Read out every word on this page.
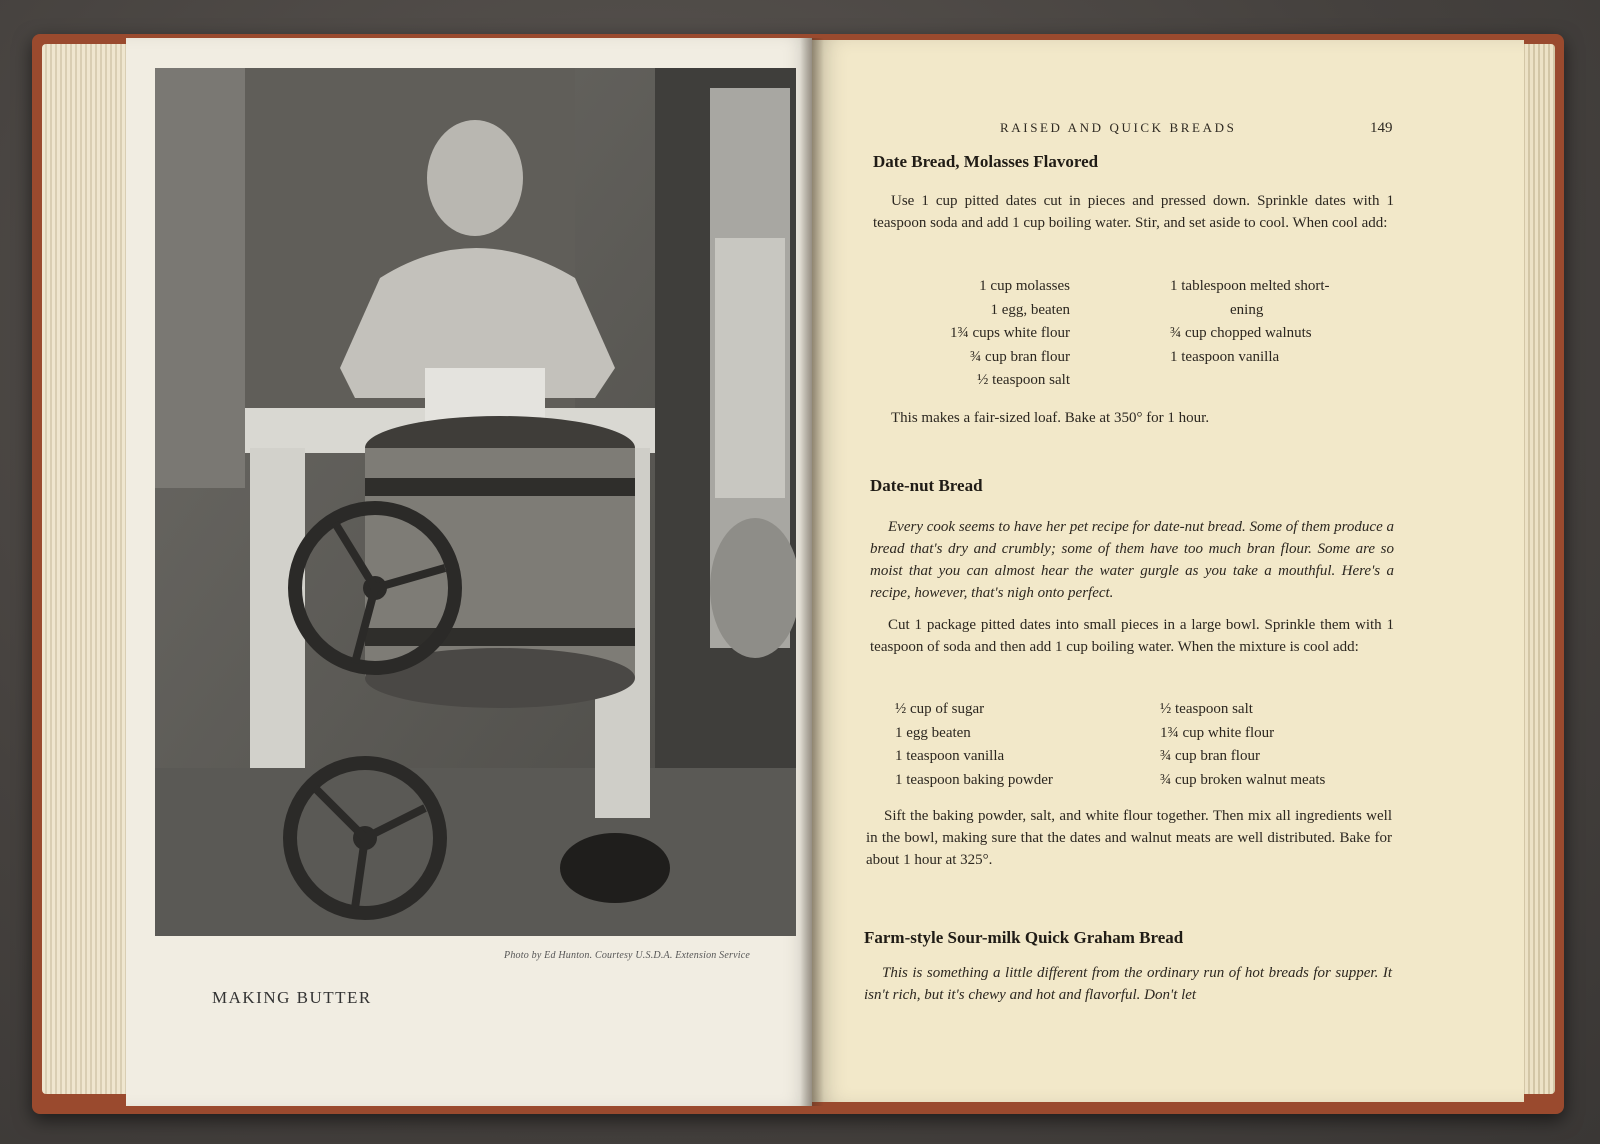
Photo by Ed Hunton. Courtesy U.S.D.A. Extension Service
MAKING BUTTER
RAISED AND QUICK BREADS	149
Date Bread, Molasses Flavored
Use 1 cup pitted dates cut in pieces and pressed down. Sprinkle dates with 1 teaspoon soda and add 1 cup boiling water. Stir, and set aside to cool. When cool add:
1 cup molasses
1 egg, beaten
1¾ cups white flour
¾ cup bran flour
½ teaspoon salt
1 tablespoon melted short-
ening
¾ cup chopped walnuts
1 teaspoon vanilla
This makes a fair-sized loaf. Bake at 350° for 1 hour.
Date-nut Bread
Every cook seems to have her pet recipe for date-nut bread. Some of them produce a bread that's dry and crumbly; some of them have too much bran flour. Some are so moist that you can almost hear the water gurgle as you take a mouthful. Here's a recipe, however, that's nigh onto perfect.
Cut 1 package pitted dates into small pieces in a large bowl. Sprinkle them with 1 teaspoon of soda and then add 1 cup boiling water. When the mixture is cool add:
½ cup of sugar
1 egg beaten
1 teaspoon vanilla
1 teaspoon baking powder
½ teaspoon salt
1¾ cup white flour
¾ cup bran flour
¾ cup broken walnut meats
Sift the baking powder, salt, and white flour together. Then mix all ingredients well in the bowl, making sure that the dates and walnut meats are well distributed. Bake for about 1 hour at 325°.
Farm-style Sour-milk Quick Graham Bread
This is something a little different from the ordinary run of hot breads for supper. It isn't rich, but it's chewy and hot and flavorful. Don't let
